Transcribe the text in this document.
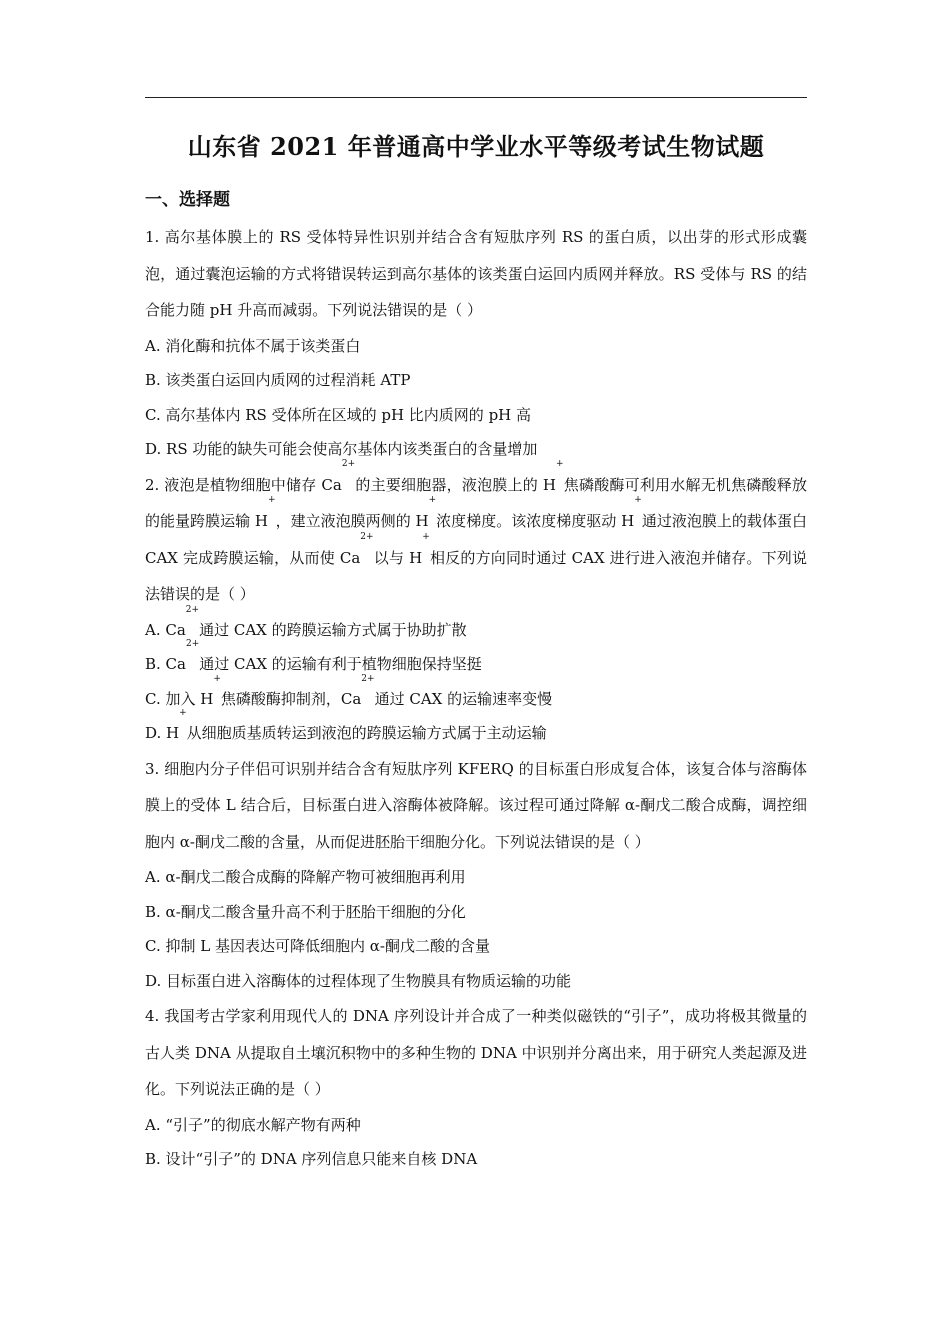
山东省 2021 年普通高中学业水平等级考试生物试题
一、选择题

1. 高尔基体膜上的 RS 受体特异性识别并结合含有短肽序列 RS 的蛋白质，以出芽的形式形成囊泡，通过囊泡运输的方式将错误转运到高尔基体的该类蛋白运回内质网并释放。RS 受体与 RS 的结合能力随 pH 升高而减弱。下列说法错误的是（ ）

A. 消化酶和抗体不属于该类蛋白

B. 该类蛋白运回内质网的过程消耗 ATP

C. 高尔基体内 RS 受体所在区域的 pH 比内质网的 pH 高

D. RS 功能的缺失可能会使高尔基体内该类蛋白的含量增加

2. 液泡是植物细胞中储存 $Ca^{2+}$的主要细胞器，液泡膜上的 H+焦磷酸酶可利用水解无机焦磷酸释放的能量跨膜运输 H+，建立液泡膜两侧的 H+浓度梯度。该浓度梯度驱动 H+通过液泡膜上的载体蛋白 CAX 完成跨膜运输，从而使 $Ca^{2+}$以与 H+相反的方向同时通过 CAX 进行进入液泡并储存。下列说法错误的是（ ）

A. $Ca^{2+}$通过 CAX 的跨膜运输方式属于协助扩散

B. $Ca^{2+}$通过 CAX 的运输有利于植物细胞保持坚挺

C. 加入 H+焦磷酸酶抑制剂，$Ca^{2+}$通过 CAX 的运输速率变慢

D. H+从细胞质基质转运到液泡的跨膜运输方式属于主动运输

3. 细胞内分子伴侣可识别并结合含有短肽序列 KFERQ 的目标蛋白形成复合体，该复合体与溶酶体膜上的受体 L 结合后，目标蛋白进入溶酶体被降解。该过程可通过降解 α-酮戊二酸合成酶，调控细胞内 α-酮戊二酸的含量，从而促进胚胎干细胞分化。下列说法错误的是（ ）

A. α-酮戊二酸合成酶的降解产物可被细胞再利用

B. α-酮戊二酸含量升高不利于胚胎干细胞的分化

C. 抑制 L 基因表达可降低细胞内 α-酮戊二酸的含量

D. 目标蛋白进入溶酶体的过程体现了生物膜具有物质运输的功能

4. 我国考古学家利用现代人的 DNA 序列设计并合成了一种类似磁铁的“引子”，成功将极其微量的古人类 DNA 从提取自土壤沉积物中的多种生物的 DNA 中识别并分离出来，用于研究人类起源及进化。下列说法正确的是（ ）

A. “引子”的彻底水解产物有两种

B. 设计“引子”的 DNA 序列信息只能来自核 DNA
